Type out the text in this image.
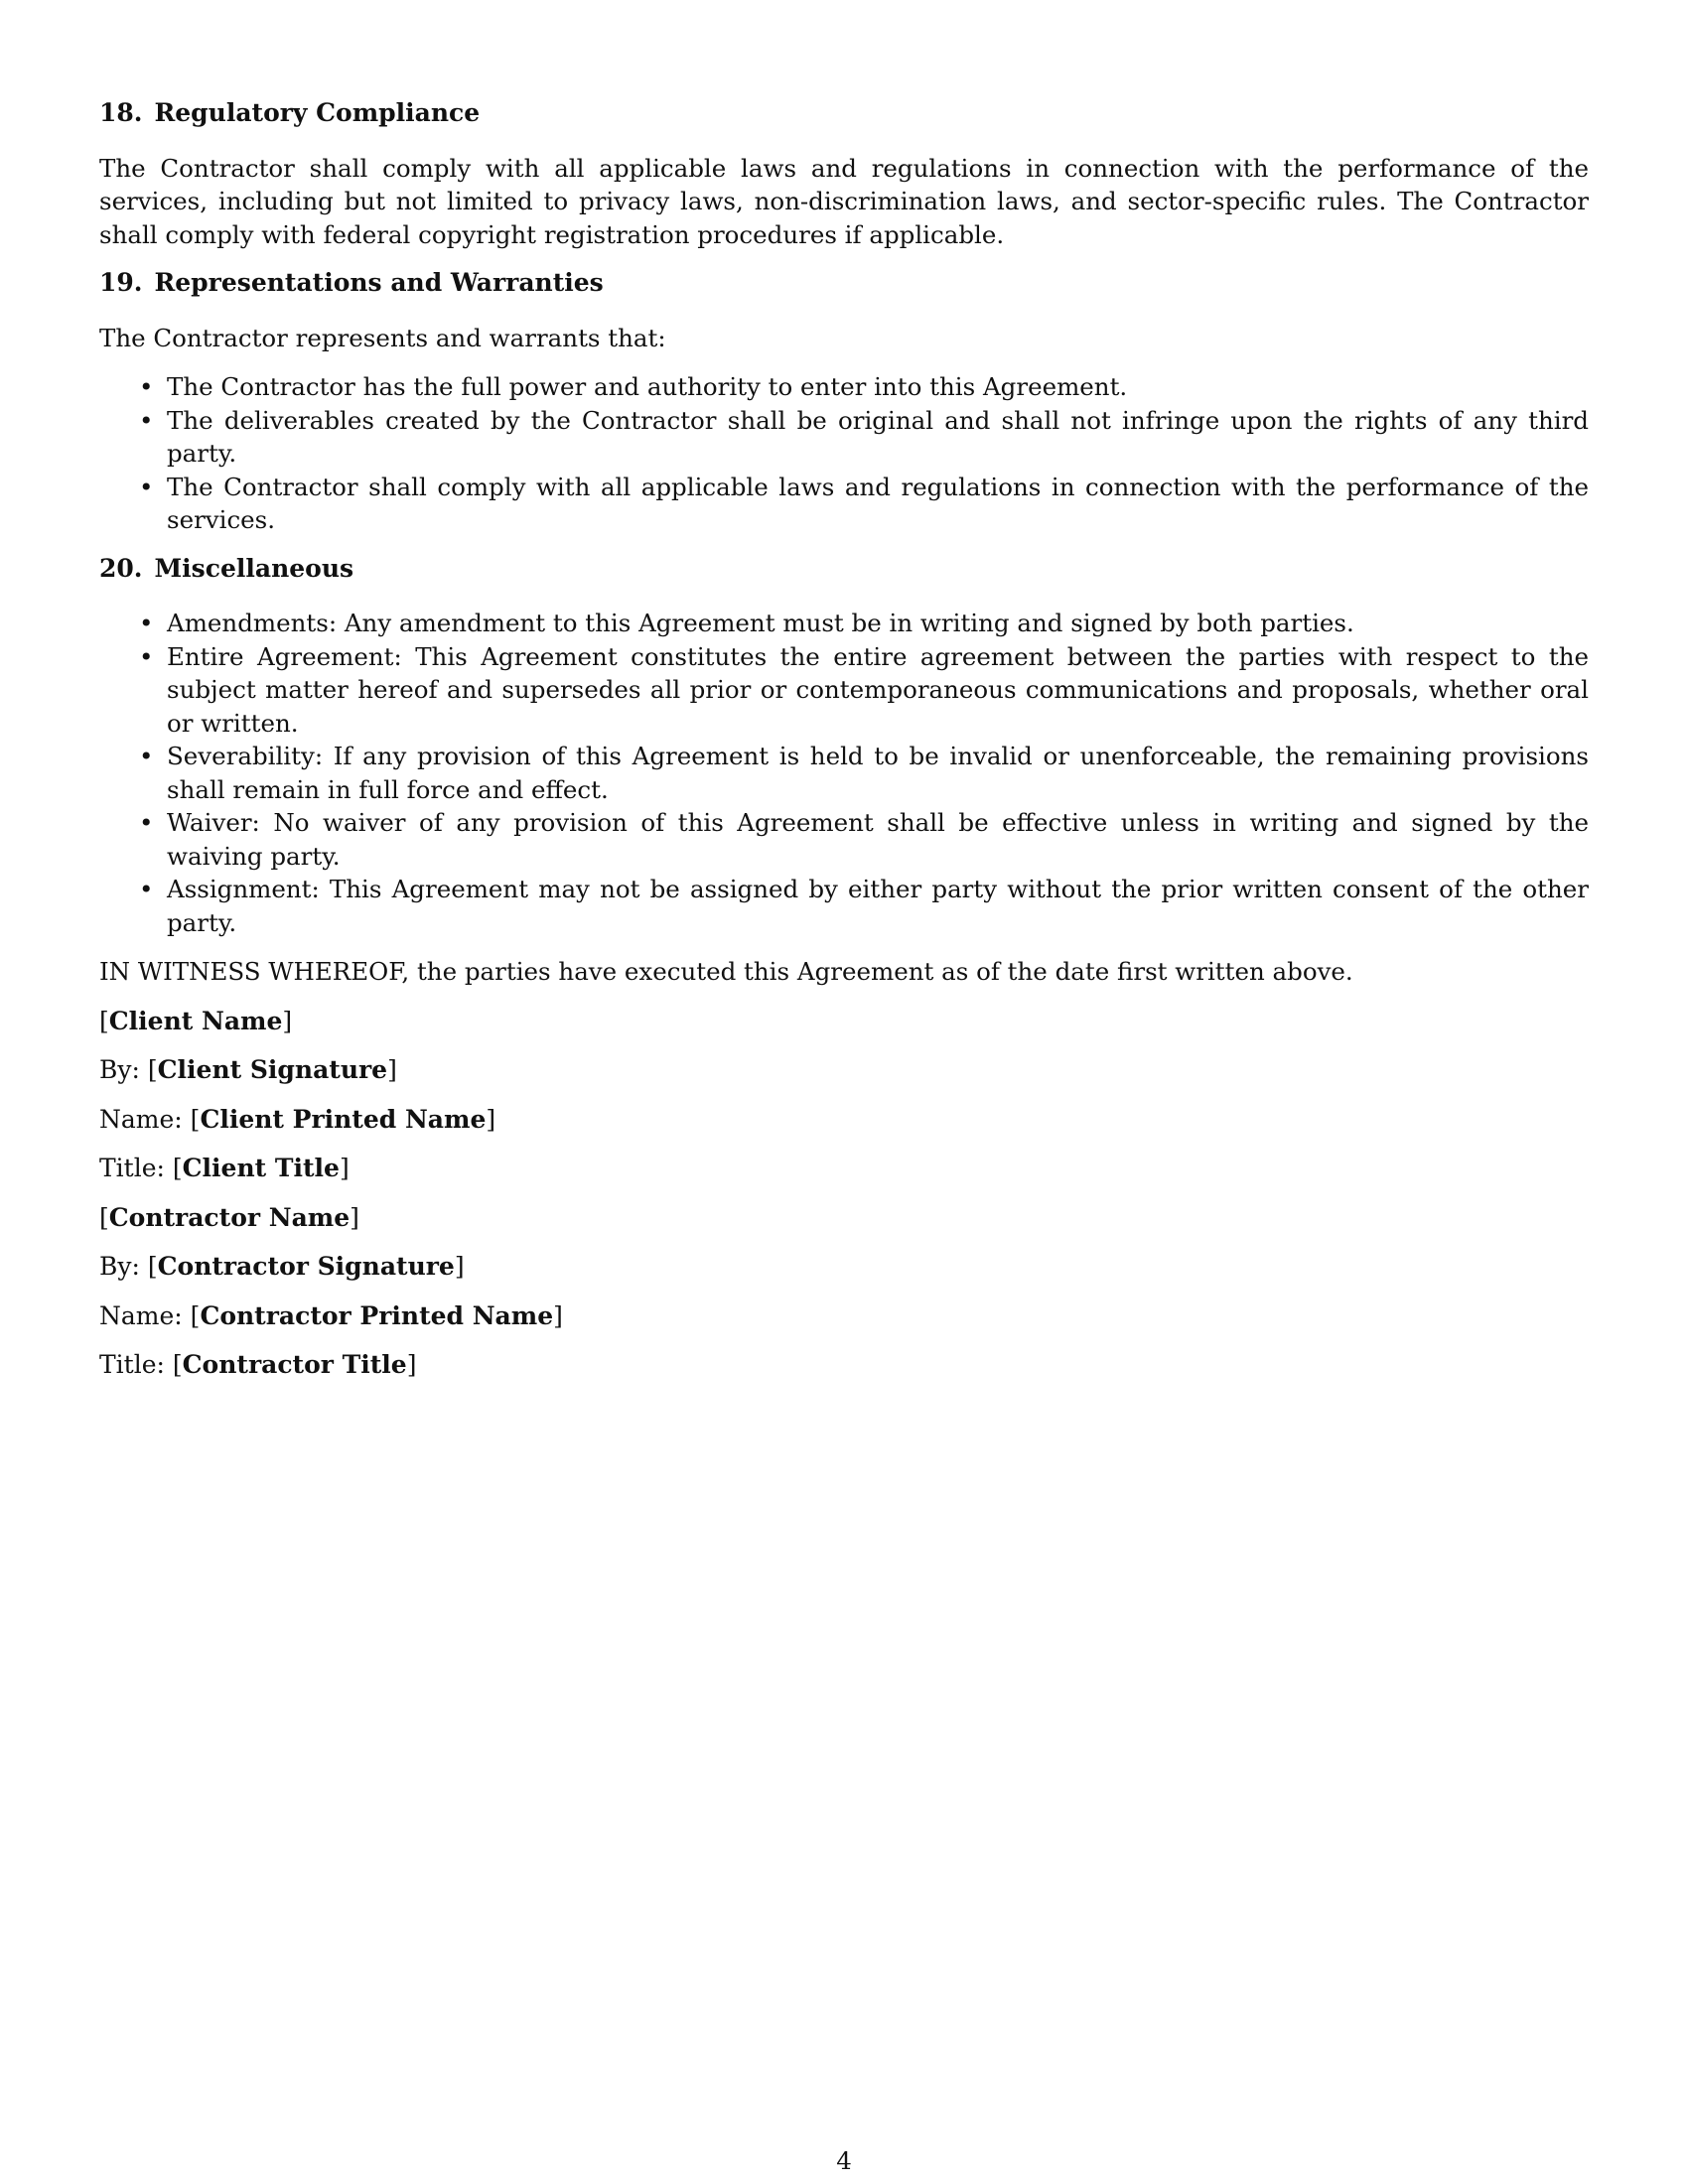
18. Regulatory Compliance

The Contractor shall comply with all applicable laws and regulations in connection with the performance of the services, including but not limited to privacy laws, non-discrimination laws, and sector-specific rules. The Contractor shall comply with federal copyright registration procedures if applicable.

19. Representations and Warranties

The Contractor represents and warrants that:

• The Contractor has the full power and authority to enter into this Agreement.
• The deliverables created by the Contractor shall be original and shall not infringe upon the rights of any third party.
• The Contractor shall comply with all applicable laws and regulations in connection with the performance of the services.
20. Miscellaneous
• Amendments: Any amendment to this Agreement must be in writing and signed by both parties.
• Entire Agreement: This Agreement constitutes the entire agreement between the parties with respect to the subject matter hereof and supersedes all prior or contemporaneous communications and proposals, whether oral or written.
• Severability: If any provision of this Agreement is held to be invalid or unenforceable, the remaining provisions shall remain in full force and effect.
• Waiver: No waiver of any provision of this Agreement shall be effective unless in writing and signed by the waiving party.
• Assignment: This Agreement may not be assigned by either party without the prior written consent of the other party.

IN WITNESS WHEREOF, the parties have executed this Agreement as of the date first written above.

[Client Name]
By: [Client Signature]
Name: [Client Printed Name]
Title: [Client Title]
[Contractor Name]
By: [Contractor Signature]
Name: [Contractor Printed Name]
Title: [Contractor Title]
4
